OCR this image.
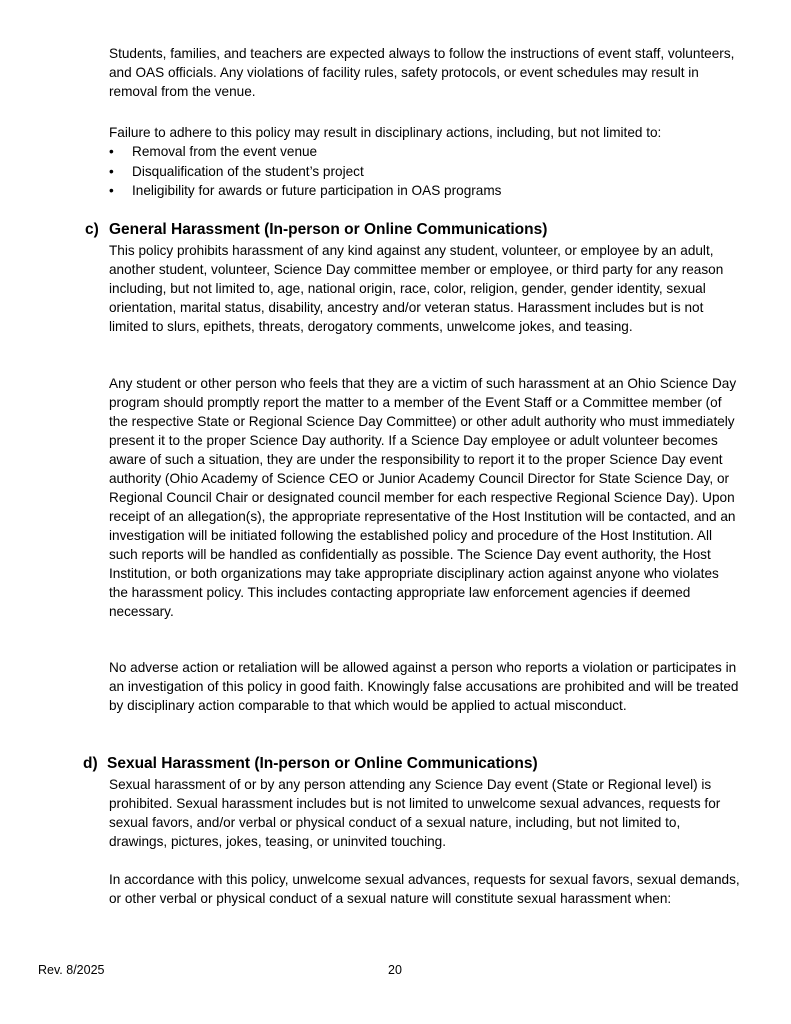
Students, families, and teachers are expected always to follow the instructions of event staff, volunteers, and OAS officials. Any violations of facility rules, safety protocols, or event schedules may result in removal from the venue.

Failure to adhere to this policy may result in disciplinary actions, including, but not limited to:

• Removal from the event venue
• Disqualification of the student’s project
• Ineligibility for awards or future participation in OAS programs
c) General Harassment (In-person or Online Communications)

This policy prohibits harassment of any kind against any student, volunteer, or employee by an adult, another student, volunteer, Science Day committee member or employee, or third party for any reason including, but not limited to, age, national origin, race, color, religion, gender, gender identity, sexual orientation, marital status, disability, ancestry and/or veteran status. Harassment includes but is not limited to slurs, epithets, threats, derogatory comments, unwelcome jokes, and teasing.

Any student or other person who feels that they are a victim of such harassment at an Ohio Science Day program should promptly report the matter to a member of the Event Staff or a Committee member (of the respective State or Regional Science Day Committee) or other adult authority who must immediately present it to the proper Science Day authority. If a Science Day employee or adult volunteer becomes aware of such a situation, they are under the responsibility to report it to the proper Science Day event authority (Ohio Academy of Science CEO or Junior Academy Council Director for State Science Day, or Regional Council Chair or designated council member for each respective Regional Science Day). Upon receipt of an allegation(s), the appropriate representative of the Host Institution will be contacted, and an investigation will be initiated following the established policy and procedure of the Host Institution. All such reports will be handled as confidentially as possible. The Science Day event authority, the Host Institution, or both organizations may take appropriate disciplinary action against anyone who violates the harassment policy. This includes contacting appropriate law enforcement agencies if deemed necessary.

No adverse action or retaliation will be allowed against a person who reports a violation or participates in an investigation of this policy in good faith. Knowingly false accusations are prohibited and will be treated by disciplinary action comparable to that which would be applied to actual misconduct.

d) Sexual Harassment (In-person or Online Communications)

Sexual harassment of or by any person attending any Science Day event (State or Regional level) is prohibited. Sexual harassment includes but is not limited to unwelcome sexual advances, requests for sexual favors, and/or verbal or physical conduct of a sexual nature, including, but not limited to, drawings, pictures, jokes, teasing, or uninvited touching.

In accordance with this policy, unwelcome sexual advances, requests for sexual favors, sexual demands, or other verbal or physical conduct of a sexual nature will constitute sexual harassment when:

Rev. 8/2025	20
